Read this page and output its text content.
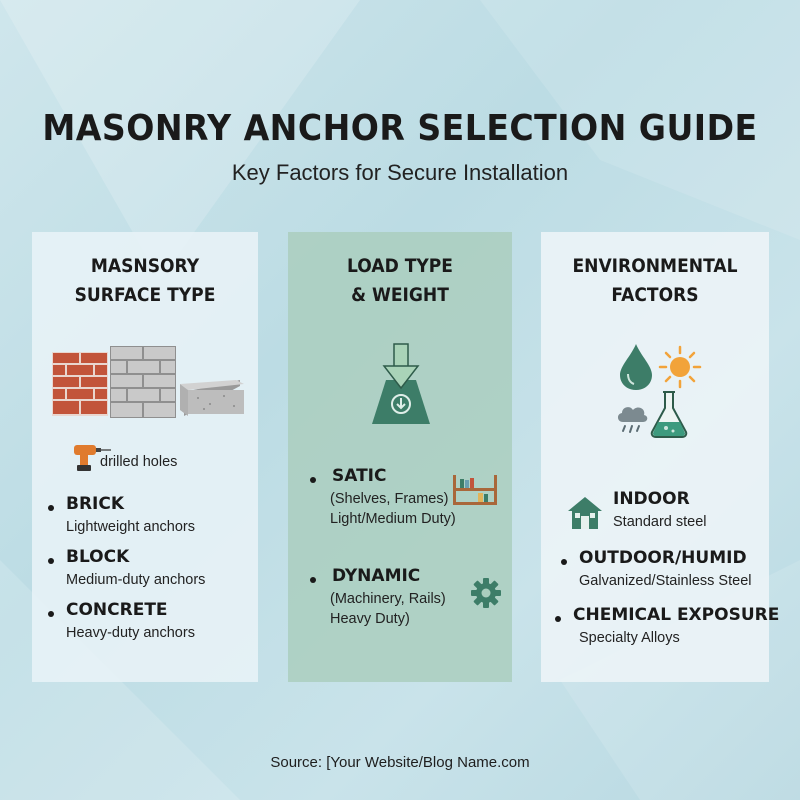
MASONRY ANCHOR SELECTION GUIDE
Key Factors for Secure Installation
MASNSORY
SURFACE TYPE
drilled holes
BRICK
Lightweight anchors
BLOCK
Medium-duty anchors
CONCRETE
Heavy-duty anchors
LOAD TYPE
& WEIGHT
SATIC
(Shelves, Frames)
Light/Medium Duty)
DYNAMIC
(Machinery, Rails)
Heavy Duty)
ENVIRONMENTAL
FACTORS
INDOOR
Standard steel
OUTDOOR/HUMID
Galvanized/Stainless Steel
CHEMICAL EXPOSURE
Specialty Alloys
Source: [Your Website/Blog Name.com
